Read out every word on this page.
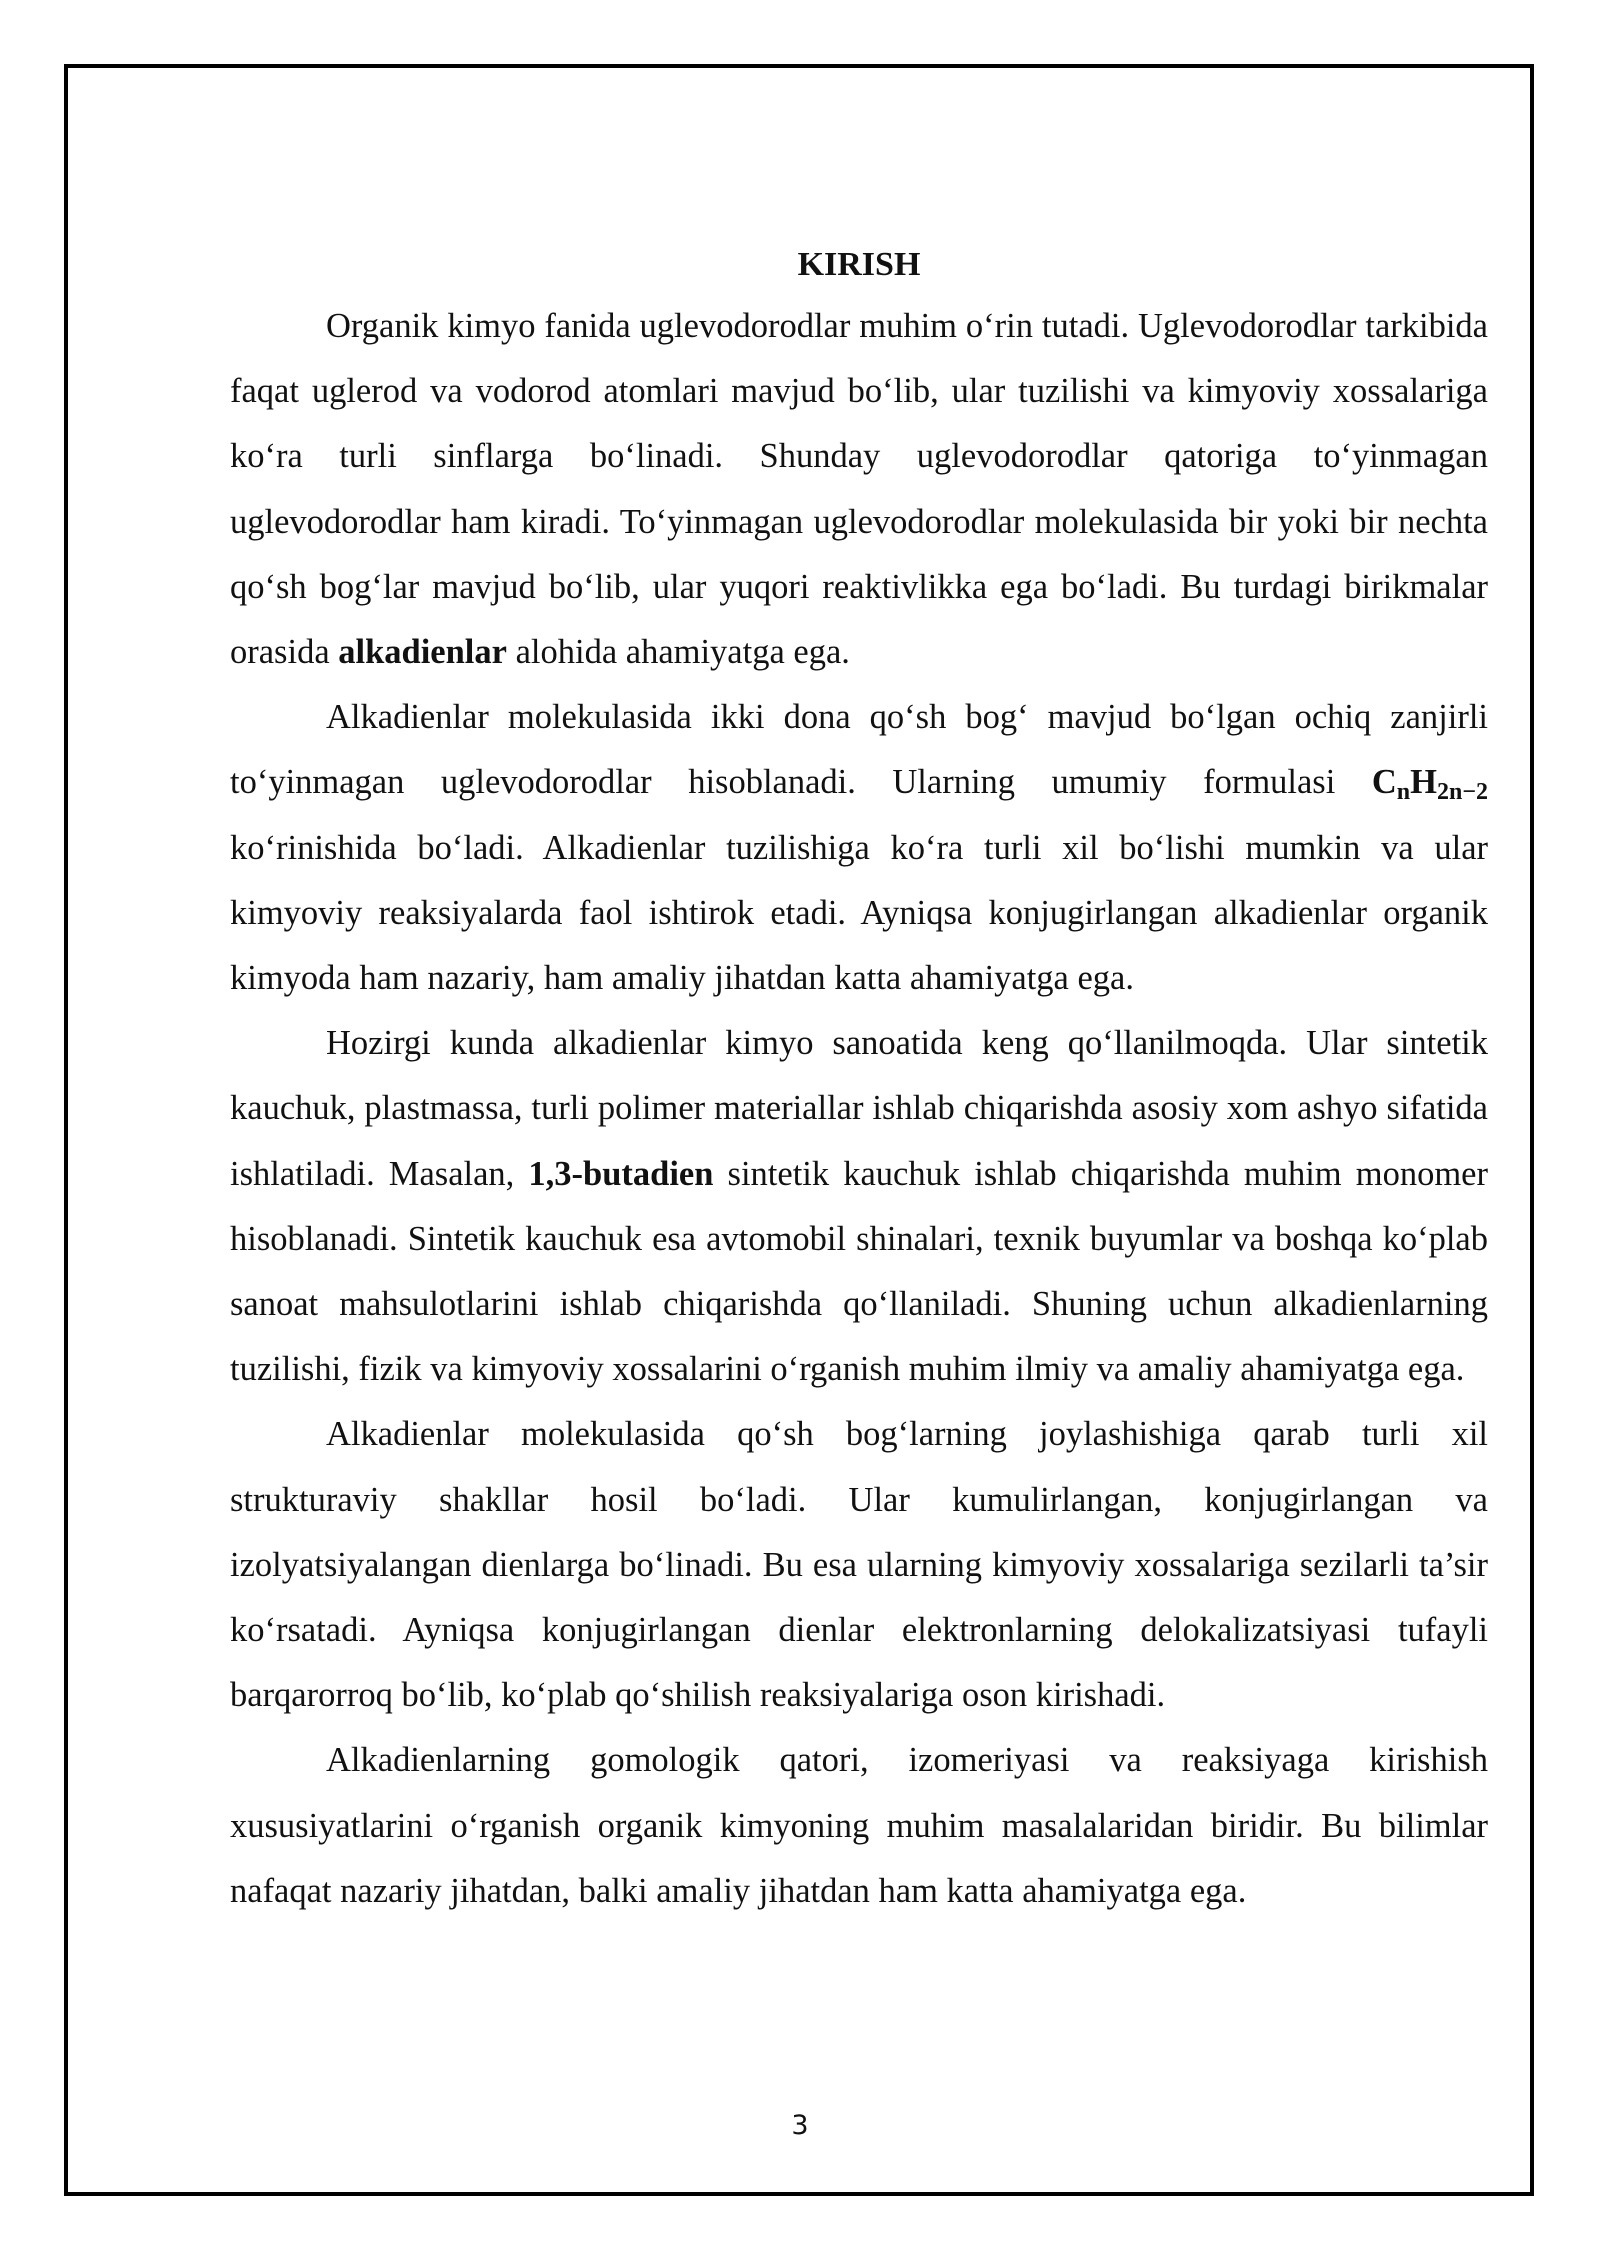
KIRISH

Organik kimyo fanida uglevodorodlar muhim o‘rin tutadi. Uglevodorodlar tarkibida faqat uglerod va vodorod atomlari mavjud bo‘lib, ular tuzilishi va kimyoviy xossalariga ko‘ra turli sinflarga bo‘linadi. Shunday uglevodorodlar qatoriga to‘yinmagan uglevodorodlar ham kiradi. To‘yinmagan uglevodorodlar molekulasida bir yoki bir nechta qo‘sh bog‘lar mavjud bo‘lib, ular yuqori reaktivlikka ega bo‘ladi. Bu turdagi birikmalar orasida alkadienlar alohida ahamiyatga ega.

Alkadienlar molekulasida ikki dona qo‘sh bog‘ mavjud bo‘lgan ochiq zanjirli to‘yinmagan uglevodorodlar hisoblanadi. Ularning umumiy formulasi $C_nH_{2n-2}$ ko‘rinishida bo‘ladi. Alkadienlar tuzilishiga ko‘ra turli xil bo‘lishi mumkin va ular kimyoviy reaksiyalarda faol ishtirok etadi. Ayniqsa konjugirlangan alkadienlar organik kimyoda ham nazariy, ham amaliy jihatdan katta ahamiyatga ega.

Hozirgi kunda alkadienlar kimyo sanoatida keng qo‘llanilmoqda. Ular sintetik kauchuk, plastmassa, turli polimer materiallar ishlab chiqarishda asosiy xom ashyo sifatida ishlatiladi. Masalan, 1,3-butadien sintetik kauchuk ishlab chiqarishda muhim monomer hisoblanadi. Sintetik kauchuk esa avtomobil shinalari, texnik buyumlar va boshqa ko‘plab sanoat mahsulotlarini ishlab chiqarishda qo‘llaniladi. Shuning uchun alkadienlarning tuzilishi, fizik va kimyoviy xossalarini o‘rganish muhim ilmiy va amaliy ahamiyatga ega.

Alkadienlar molekulasida qo‘sh bog‘larning joylashishiga qarab turli xil strukturaviy shakllar hosil bo‘ladi. Ular kumulirlangan, konjugirlangan va izolyatsiyalangan dienlarga bo‘linadi. Bu esa ularning kimyoviy xossalariga sezilarli ta’sir ko‘rsatadi. Ayniqsa konjugirlangan dienlar elektronlarning delokalizatsiyasi tufayli barqarorroq bo‘lib, ko‘plab qo‘shilish reaksiyalariga oson kirishadi.

Alkadienlarning gomologik qatori, izomeriyasi va reaksiyaga kirishish xususiyatlarini o‘rganish organik kimyoning muhim masalalaridan biridir. Bu bilimlar nafaqat nazariy jihatdan, balki amaliy jihatdan ham katta ahamiyatga ega.

3
